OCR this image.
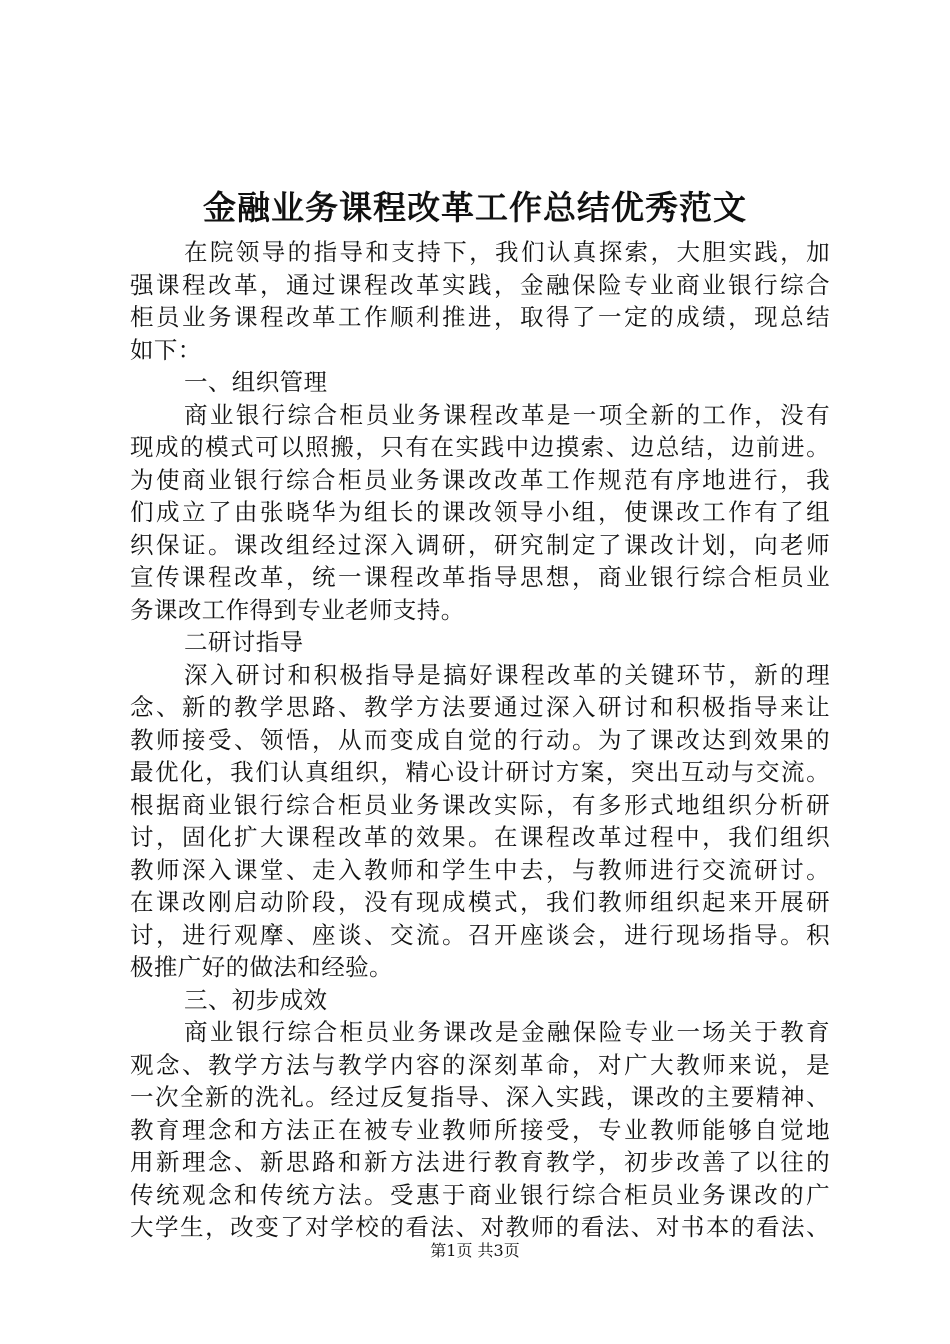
金融业务课程改革工作总结优秀范文
在院领导的指导和支持下，我们认真探索，大胆实践，加
强课程改革，通过课程改革实践，金融保险专业商业银行综合
柜员业务课程改革工作顺利推进，取得了一定的成绩，现总结
如下：
一、组织管理
商业银行综合柜员业务课程改革是一项全新的工作，没有
现成的模式可以照搬，只有在实践中边摸索、边总结，边前进。
为使商业银行综合柜员业务课改改革工作规范有序地进行，我
们成立了由张晓华为组长的课改领导小组，使课改工作有了组
织保证。课改组经过深入调研，研究制定了课改计划，向老师
宣传课程改革，统一课程改革指导思想，商业银行综合柜员业
务课改工作得到专业老师支持。
二研讨指导
深入研讨和积极指导是搞好课程改革的关键环节，新的理
念、新的教学思路、教学方法要通过深入研讨和积极指导来让
教师接受、领悟，从而变成自觉的行动。为了课改达到效果的
最优化，我们认真组织，精心设计研讨方案，突出互动与交流。
根据商业银行综合柜员业务课改实际，有多形式地组织分析研
讨，固化扩大课程改革的效果。在课程改革过程中，我们组织
教师深入课堂、走入教师和学生中去，与教师进行交流研讨。
在课改刚启动阶段，没有现成模式，我们教师组织起来开展研
讨，进行观摩、座谈、交流。召开座谈会，进行现场指导。积
极推广好的做法和经验。
三、初步成效
商业银行综合柜员业务课改是金融保险专业一场关于教育
观念、教学方法与教学内容的深刻革命，对广大教师来说，是
一次全新的洗礼。经过反复指导、深入实践，课改的主要精神、
教育理念和方法正在被专业教师所接受，专业教师能够自觉地
用新理念、新思路和新方法进行教育教学，初步改善了以往的
传统观念和传统方法。受惠于商业银行综合柜员业务课改的广
大学生，改变了对学校的看法、对教师的看法、对书本的看法、
第1页 共3页
